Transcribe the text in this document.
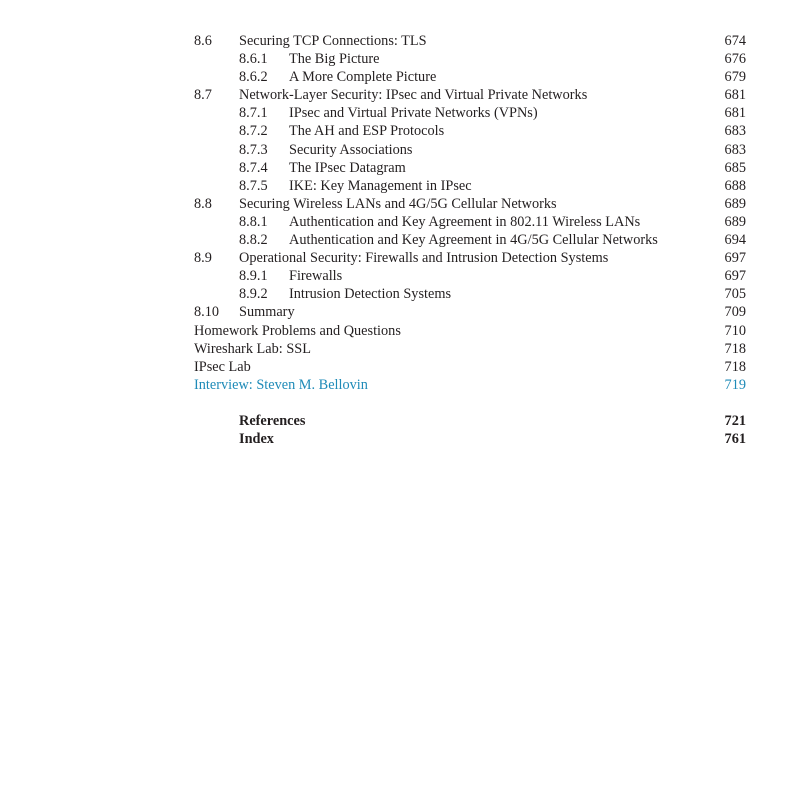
8.6 Securing TCP Connections: TLS	674
8.6.1 The Big Picture	676
8.6.2 A More Complete Picture	679
8.7 Network-Layer Security: IPsec and Virtual Private Networks	681
8.7.1 IPsec and Virtual Private Networks (VPNs)	681
8.7.2 The AH and ESP Protocols	683
8.7.3 Security Associations	683
8.7.4 The IPsec Datagram	685
8.7.5 IKE: Key Management in IPsec	688
8.8 Securing Wireless LANs and 4G/5G Cellular Networks	689
8.8.1 Authentication and Key Agreement in 802.11 Wireless LANs	689
8.8.2 Authentication and Key Agreement in 4G/5G Cellular Networks	694
8.9 Operational Security: Firewalls and Intrusion Detection Systems	697
8.9.1 Firewalls	697
8.9.2 Intrusion Detection Systems	705
8.10 Summary	709
Homework Problems and Questions	710
Wireshark Lab: SSL	718
IPsec Lab	718
Interview: Steven M. Bellovin	719
References	721
Index	761
